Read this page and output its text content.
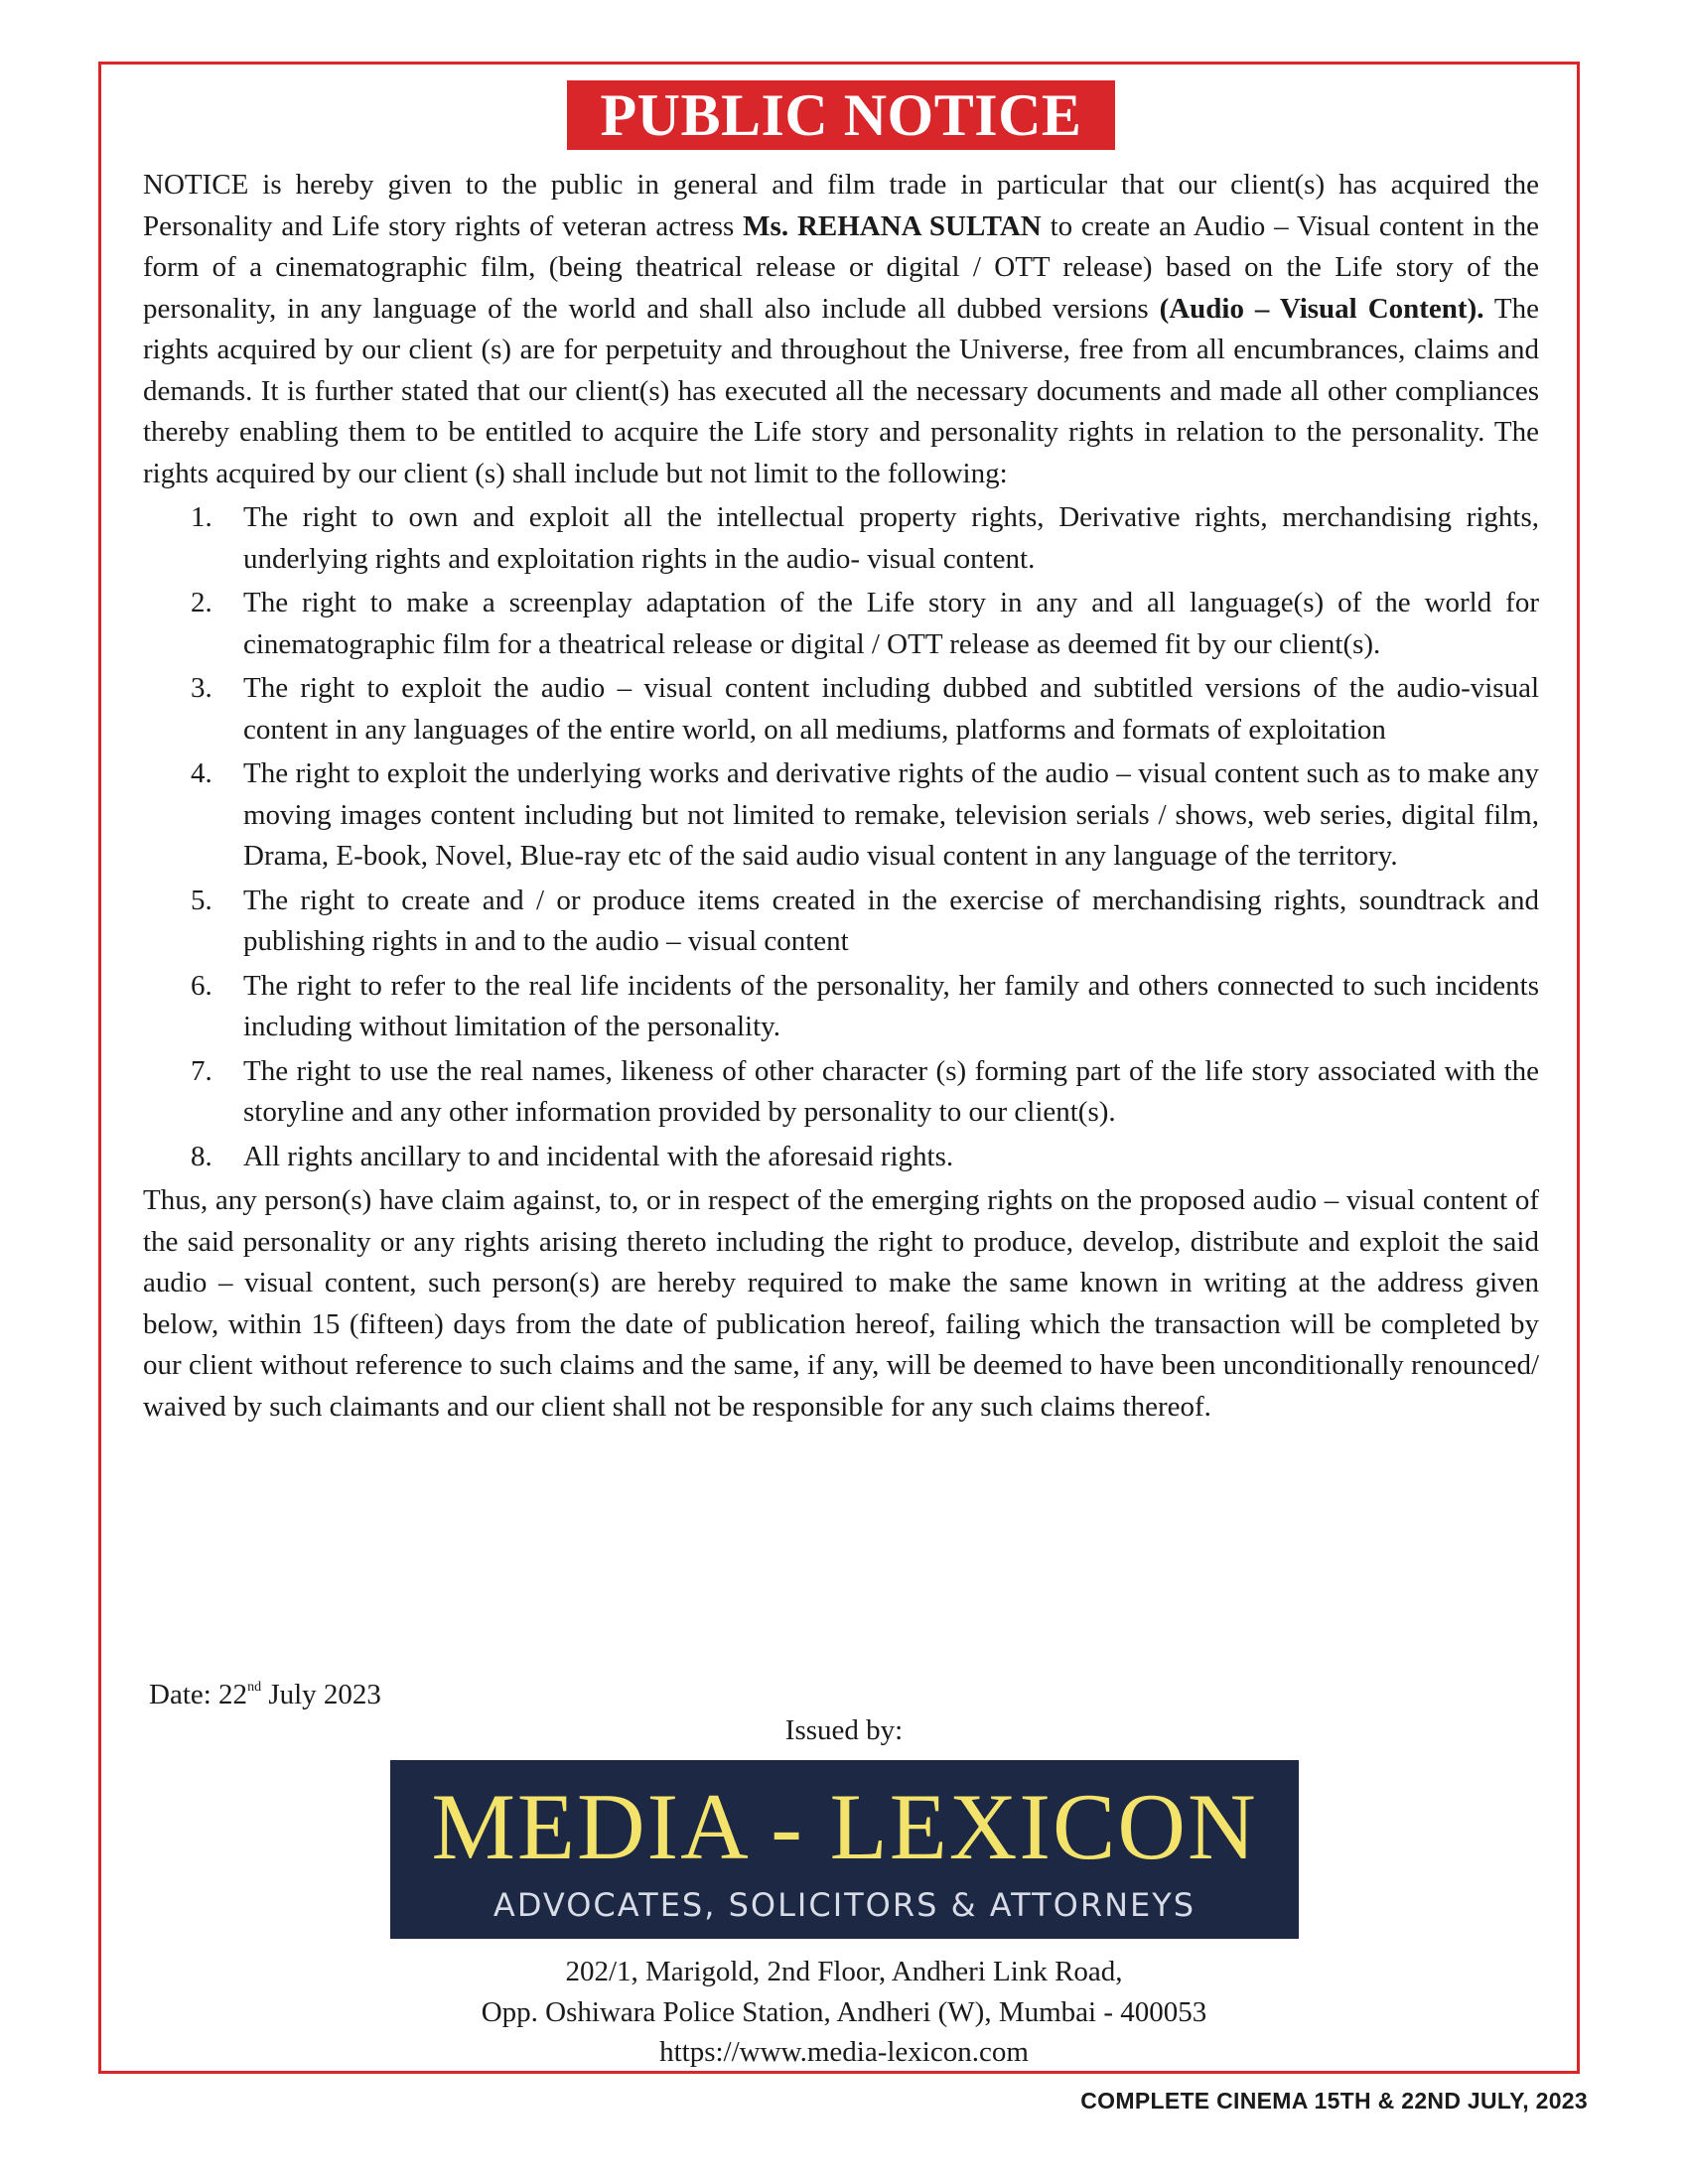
PUBLIC NOTICE

NOTICE is hereby given to the public in general and film trade in particular that our client(s) has acquired the Personality and Life story rights of veteran actress Ms. REHANA SULTAN to create an Audio – Visual content in the form of a cinematographic film, (being theatrical release or digital / OTT release) based on the Life story of the personality, in any language of the world and shall also include all dubbed versions (Audio – Visual Content). The rights acquired by our client (s) are for perpetuity and throughout the Universe, free from all encumbrances, claims and demands. It is further stated that our client(s) has executed all the necessary documents and made all other compliances thereby enabling them to be entitled to acquire the Life story and personality rights in relation to the personality. The rights acquired by our client (s) shall include but not limit to the following:

1. The right to own and exploit all the intellectual property rights, Derivative rights, merchandising rights, underlying rights and exploitation rights in the audio- visual content.
2. The right to make a screenplay adaptation of the Life story in any and all language(s) of the world for cinematographic film for a theatrical release or digital / OTT release as deemed fit by our client(s).
3. The right to exploit the audio – visual content including dubbed and subtitled versions of the audio-visual content in any languages of the entire world, on all mediums, platforms and formats of exploitation
4. The right to exploit the underlying works and derivative rights of the audio – visual content such as to make any moving images content including but not limited to remake, television serials / shows, web series, digital film, Drama, E-book, Novel, Blue-ray etc of the said audio visual content in any language of the territory.
5. The right to create and / or produce items created in the exercise of merchandising rights, soundtrack and publishing rights in and to the audio – visual content
6. The right to refer to the real life incidents of the personality, her family and others connected to such incidents including without limitation of the personality.
7. The right to use the real names, likeness of other character (s) forming part of the life story associated with the storyline and any other information provided by personality to our client(s).
8. All rights ancillary to and incidental with the aforesaid rights.

Thus, any person(s) have claim against, to, or in respect of the emerging rights on the proposed audio – visual content of the said personality or any rights arising thereto including the right to produce, develop, distribute and exploit the said audio – visual content, such person(s) are hereby required to make the same known in writing at the address given below, within 15 (fifteen) days from the date of publication hereof, failing which the transaction will be completed by our client without reference to such claims and the same, if any, will be deemed to have been unconditionally renounced/ waived by such claimants and our client shall not be responsible for any such claims thereof.

Date: 22nd July 2023
Issued by:
MEDIA - LEXICON
ADVOCATES, SOLICITORS & ATTORNEYS
202/1, Marigold, 2nd Floor, Andheri Link Road,
Opp. Oshiwara Police Station, Andheri (W), Mumbai - 400053
https://www.media-lexicon.com
COMPLETE CINEMA 15TH & 22ND JULY, 2023
